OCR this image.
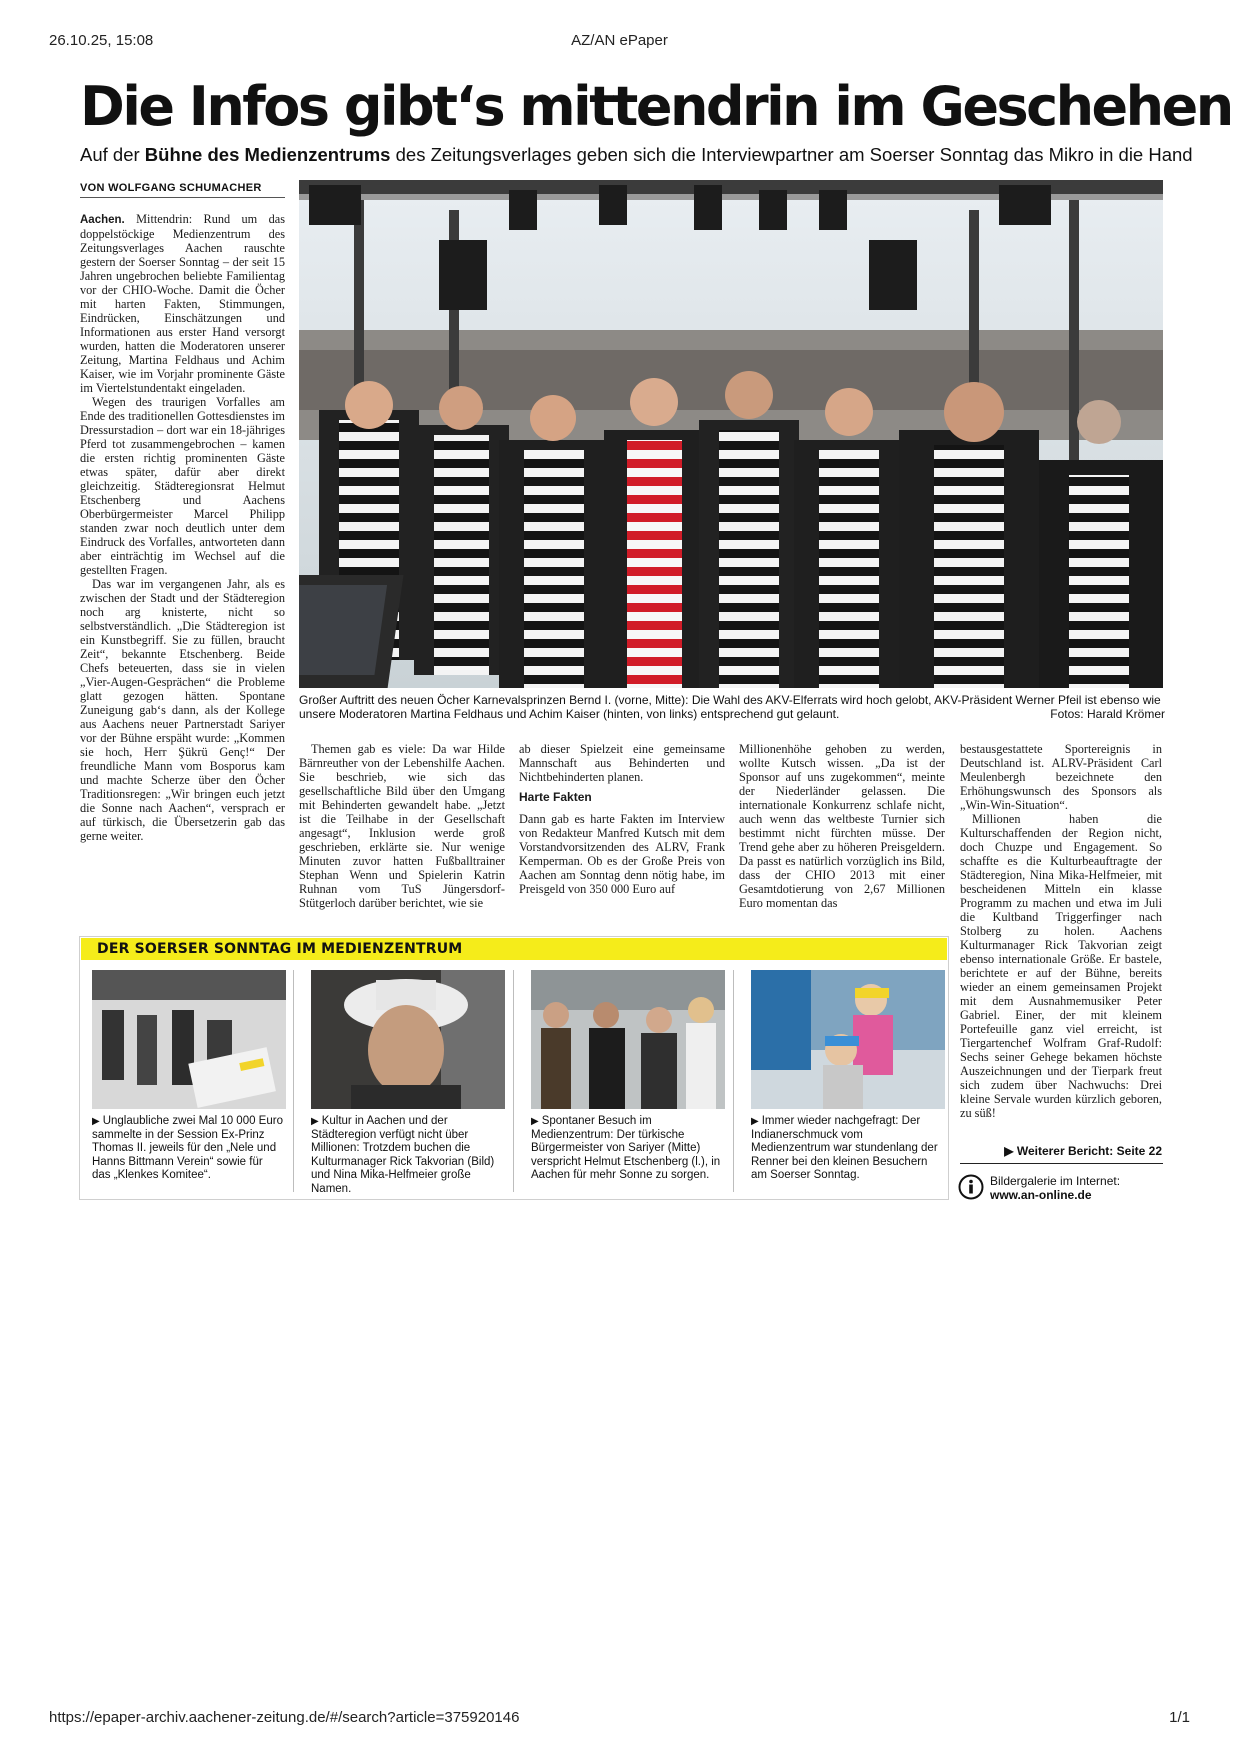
26.10.25, 15:08	AZ/AN ePaper
Die Infos gibt‘s mittendrin im Geschehen
Auf der Bühne des Medienzentrums des Zeitungsverlages geben sich die Interviewpartner am Soerser Sonntag das Mikro in die Hand
VON WOLFGANG SCHUMACHER

Aachen. Mittendrin: Rund um das doppelstöckige Medienzentrum des Zeitungsverlages Aachen rauschte gestern der Soerser Sonntag – der seit 15 Jahren ungebrochen beliebte Familientag vor der CHIO-Woche. Damit die Öcher mit harten Fakten, Stimmungen, Eindrücken, Einschätzungen und Informationen aus erster Hand versorgt wurden, hatten die Moderatoren unserer Zeitung, Martina Feldhaus und Achim Kaiser, wie im Vorjahr prominente Gäste im Viertelstundentakt eingeladen.

Wegen des traurigen Vorfalles am Ende des traditionellen Gottesdienstes im Dressurstadion – dort war ein 18-jähriges Pferd tot zusammengebrochen – kamen die ersten richtig prominenten Gäste etwas später, dafür aber direkt gleichzeitig. Städteregionsrat Helmut Etschenberg und Aachens Oberbürgermeister Marcel Philipp standen zwar noch deutlich unter dem Eindruck des Vorfalles, antworteten dann aber einträchtig im Wechsel auf die gestellten Fragen.

Das war im vergangenen Jahr, als es zwischen der Stadt und der Städteregion noch arg knisterte, nicht so selbstverständlich. „Die Städteregion ist ein Kunstbegriff. Sie zu füllen, braucht Zeit“, bekannte Etschenberg. Beide Chefs beteuerten, dass sie in vielen „Vier-Augen-Gesprächen“ die Probleme glatt gezogen hätten. Spontane Zuneigung gab‘s dann, als der Kollege aus Aachens neuer Partnerstadt Sariyer vor der Bühne erspäht wurde: „Kommen sie hoch, Herr Şükrü Genç!“ Der freundliche Mann vom Bosporus kam und machte Scherze über den Öcher Traditionsregen: „Wir bringen euch jetzt die Sonne nach Aachen“, versprach er auf türkisch, die Übersetzerin gab das gerne weiter.

Großer Auftritt des neuen Öcher Karnevalsprinzen Bernd I. (vorne, Mitte): Die Wahl des AKV-Elferrats wird hoch gelobt, AKV-Präsident Werner Pfeil ist ebenso wie unsere Moderatoren Martina Feldhaus und Achim Kaiser (hinten, von links) entsprechend gut gelaunt.	Fotos: Harald Krömer

Themen gab es viele: Da war Hilde Bärnreuther von der Lebenshilfe Aachen. Sie beschrieb, wie sich das gesellschaftliche Bild über den Umgang mit Behinderten gewandelt habe. „Jetzt ist die Teilhabe in der Gesellschaft angesagt“, Inklusion werde groß geschrieben, erklärte sie. Nur wenige Minuten zuvor hatten Fußballtrainer Stephan Wenn und Spielerin Katrin Ruhnan vom TuS Jüngersdorf-Stütgerloch darüber berichtet, wie sie

ab dieser Spielzeit eine gemeinsame Mannschaft aus Behinderten und Nichtbehinderten planen.

Harte Fakten

Dann gab es harte Fakten im Interview von Redakteur Manfred Kutsch mit dem Vorstandvorsitzenden des ALRV, Frank Kemperman. Ob es der Große Preis von Aachen am Sonntag denn nötig habe, im Preisgeld von 350 000 Euro auf

Millionenhöhe gehoben zu werden, wollte Kutsch wissen. „Da ist der Sponsor auf uns zugekommen“, meinte der Niederländer gelassen. Die internationale Konkurrenz schlafe nicht, auch wenn das weltbeste Turnier sich bestimmt nicht fürchten müsse. Der Trend gehe aber zu höheren Preisgeldern. Da passt es natürlich vorzüglich ins Bild, dass der CHIO 2013 mit einer Gesamtdotierung von 2,67 Millionen Euro momentan das

bestausgestattete Sportereignis in Deutschland ist. ALRV-Präsident Carl Meulenbergh bezeichnete den Erhöhungswunsch des Sponsors als „Win-Win-Situation“.

Millionen haben die Kulturschaffenden der Region nicht, doch Chuzpe und Engagement. So schaffte es die Kulturbeauftragte der Städteregion, Nina Mika-Helfmeier, mit bescheidenen Mitteln ein klasse Programm zu machen und etwa im Juli die Kultband Triggerfinger nach Stolberg zu holen. Aachens Kulturmanager Rick Takvorian zeigt ebenso internationale Größe. Er bastele, berichtete er auf der Bühne, bereits wieder an einem gemeinsamen Projekt mit dem Ausnahmemusiker Peter Gabriel. Einer, der mit kleinem Portefeuille ganz viel erreicht, ist Tiergartenchef Wolfram Graf-Rudolf: Sechs seiner Gehege bekamen höchste Auszeichnungen und der Tierpark freut sich zudem über Nachwuchs: Drei kleine Servale wurden kürzlich geboren, zu süß!

▶ Weiterer Bericht: Seite 22
Bildergalerie im Internet:
www.an-online.de
DER SOERSER SONNTAG IM MEDIENZENTRUM
▶ Unglaubliche zwei Mal 10 000 Euro sammelte in der Session Ex-Prinz Thomas II. jeweils für den „Nele und Hanns Bittmann Verein“ sowie für das „Klenkes Komitee“.
▶ Kultur in Aachen und der Städteregion verfügt nicht über Millionen: Trotzdem buchen die Kulturmanager Rick Takvorian (Bild) und Nina Mika-Helfmeier große Namen.
▶ Spontaner Besuch im Medienzentrum: Der türkische Bürgermeister von Sariyer (Mitte) verspricht Helmut Etschenberg (l.), in Aachen für mehr Sonne zu sorgen.
▶ Immer wieder nachgefragt: Der Indianerschmuck vom Medienzentrum war stundenlang der Renner bei den kleinen Besuchern am Soerser Sonntag.
https://epaper-archiv.aachener-zeitung.de/#/search?article=375920146	1/1
